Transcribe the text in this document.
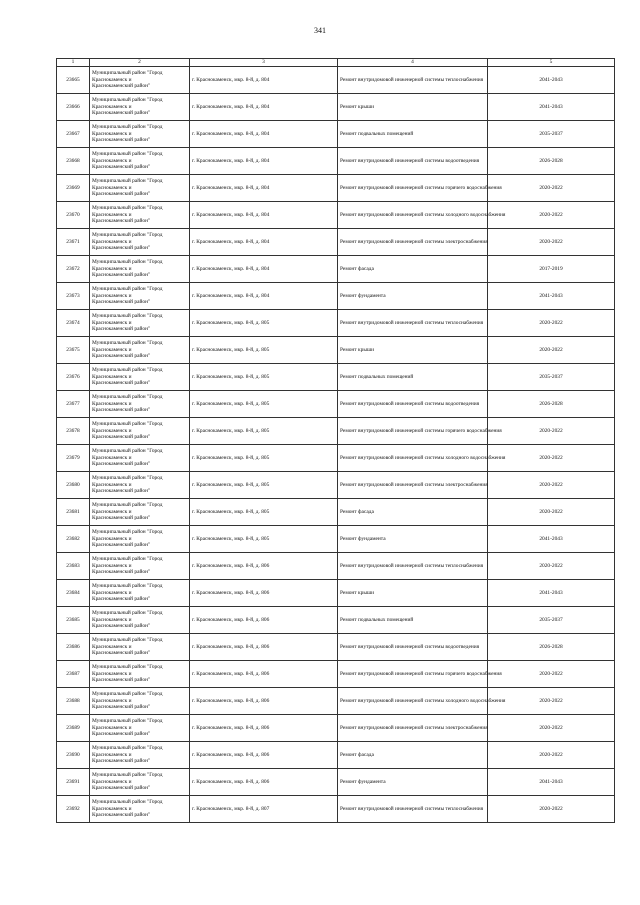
341
1	2	3	4	5
23665	Муниципальный район "Город
Краснокаменск и
Краснокаменский район"	г. Краснокаменск, мкр. 8-й, д. 804	Ремонт внутридомовой инженерной системы теплоснабжения	2041-2043
23666	Муниципальный район "Город
Краснокаменск и
Краснокаменский район"	г. Краснокаменск, мкр. 8-й, д. 804	Ремонт крыши	2041-2043
23667	Муниципальный район "Город
Краснокаменск и
Краснокаменский район"	г. Краснокаменск, мкр. 8-й, д. 804	Ремонт подвальных помещений	2035-2037
23668	Муниципальный район "Город
Краснокаменск и
Краснокаменский район"	г. Краснокаменск, мкр. 8-й, д. 804	Ремонт внутридомовой инженерной системы водоотведения	2026-2028
23669	Муниципальный район "Город
Краснокаменск и
Краснокаменский район"	г. Краснокаменск, мкр. 8-й, д. 804	Ремонт внутридомовой инженерной системы горячего водоснабжения	2020-2022
23670	Муниципальный район "Город
Краснокаменск и
Краснокаменский район"	г. Краснокаменск, мкр. 8-й, д. 804	Ремонт внутридомовой инженерной системы холодного водоснабжения	2020-2022
23671	Муниципальный район "Город
Краснокаменск и
Краснокаменский район"	г. Краснокаменск, мкр. 8-й, д. 804	Ремонт внутридомовой инженерной системы электроснабжения	2020-2022
23672	Муниципальный район "Город
Краснокаменск и
Краснокаменский район"	г. Краснокаменск, мкр. 8-й, д. 804	Ремонт фасада	2017-2019
23673	Муниципальный район "Город
Краснокаменск и
Краснокаменский район"	г. Краснокаменск, мкр. 8-й, д. 804	Ремонт фундамента	2041-2043
23674	Муниципальный район "Город
Краснокаменск и
Краснокаменский район"	г. Краснокаменск, мкр. 8-й, д. 805	Ремонт внутридомовой инженерной системы теплоснабжения	2020-2022
23675	Муниципальный район "Город
Краснокаменск и
Краснокаменский район"	г. Краснокаменск, мкр. 8-й, д. 805	Ремонт крыши	2020-2022
23676	Муниципальный район "Город
Краснокаменск и
Краснокаменский район"	г. Краснокаменск, мкр. 8-й, д. 805	Ремонт подвальных помещений	2035-2037
23677	Муниципальный район "Город
Краснокаменск и
Краснокаменский район"	г. Краснокаменск, мкр. 8-й, д. 805	Ремонт внутридомовой инженерной системы водоотведения	2026-2028
23678	Муниципальный район "Город
Краснокаменск и
Краснокаменский район"	г. Краснокаменск, мкр. 8-й, д. 805	Ремонт внутридомовой инженерной системы горячего водоснабжения	2020-2022
23679	Муниципальный район "Город
Краснокаменск и
Краснокаменский район"	г. Краснокаменск, мкр. 8-й, д. 805	Ремонт внутридомовой инженерной системы холодного водоснабжения	2020-2022
23680	Муниципальный район "Город
Краснокаменск и
Краснокаменский район"	г. Краснокаменск, мкр. 8-й, д. 805	Ремонт внутридомовой инженерной системы электроснабжения	2020-2022
23681	Муниципальный район "Город
Краснокаменск и
Краснокаменский район"	г. Краснокаменск, мкр. 8-й, д. 805	Ремонт фасада	2020-2022
23682	Муниципальный район "Город
Краснокаменск и
Краснокаменский район"	г. Краснокаменск, мкр. 8-й, д. 805	Ремонт фундамента	2041-2043
23683	Муниципальный район "Город
Краснокаменск и
Краснокаменский район"	г. Краснокаменск, мкр. 8-й, д. 806	Ремонт внутридомовой инженерной системы теплоснабжения	2020-2022
23684	Муниципальный район "Город
Краснокаменск и
Краснокаменский район"	г. Краснокаменск, мкр. 8-й, д. 806	Ремонт крыши	2041-2043
23685	Муниципальный район "Город
Краснокаменск и
Краснокаменский район"	г. Краснокаменск, мкр. 8-й, д. 806	Ремонт подвальных помещений	2035-2037
23686	Муниципальный район "Город
Краснокаменск и
Краснокаменский район"	г. Краснокаменск, мкр. 8-й, д. 806	Ремонт внутридомовой инженерной системы водоотведения	2026-2028
23687	Муниципальный район "Город
Краснокаменск и
Краснокаменский район"	г. Краснокаменск, мкр. 8-й, д. 806	Ремонт внутридомовой инженерной системы горячего водоснабжения	2020-2022
23688	Муниципальный район "Город
Краснокаменск и
Краснокаменский район"	г. Краснокаменск, мкр. 8-й, д. 806	Ремонт внутридомовой инженерной системы холодного водоснабжения	2020-2022
23689	Муниципальный район "Город
Краснокаменск и
Краснокаменский район"	г. Краснокаменск, мкр. 8-й, д. 806	Ремонт внутридомовой инженерной системы электроснабжения	2020-2022
23690	Муниципальный район "Город
Краснокаменск и
Краснокаменский район"	г. Краснокаменск, мкр. 8-й, д. 806	Ремонт фасада	2020-2022
23691	Муниципальный район "Город
Краснокаменск и
Краснокаменский район"	г. Краснокаменск, мкр. 8-й, д. 806	Ремонт фундамента	2041-2043
23692	Муниципальный район "Город
Краснокаменск и
Краснокаменский район"	г. Краснокаменск, мкр. 8-й, д. 807	Ремонт внутридомовой инженерной системы теплоснабжения	2020-2022
